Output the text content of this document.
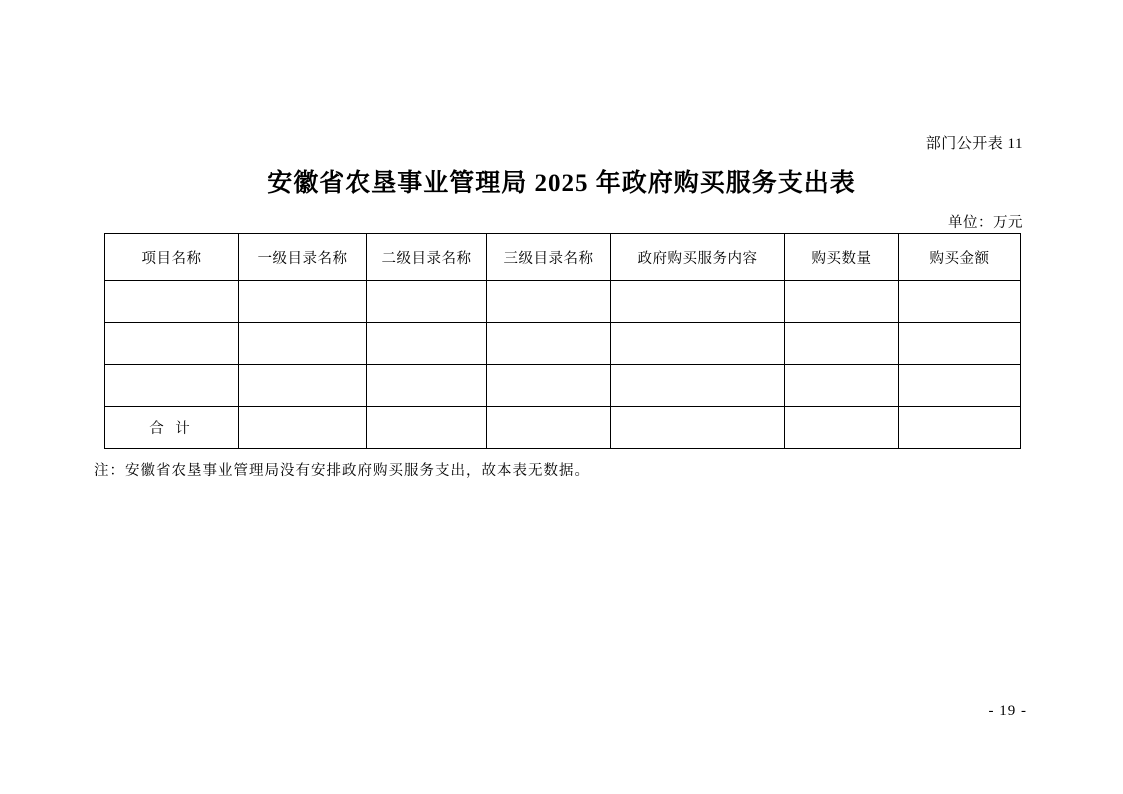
部门公开表 11
安徽省农垦事业管理局 2025 年政府购买服务支出表
单位：万元
项目名称	一级目录名称	二级目录名称	三级目录名称	政府购买服务内容	购买数量	购买金额

合 计						
注：安徽省农垦事业管理局没有安排政府购买服务支出，故本表无数据。
- 19 -
